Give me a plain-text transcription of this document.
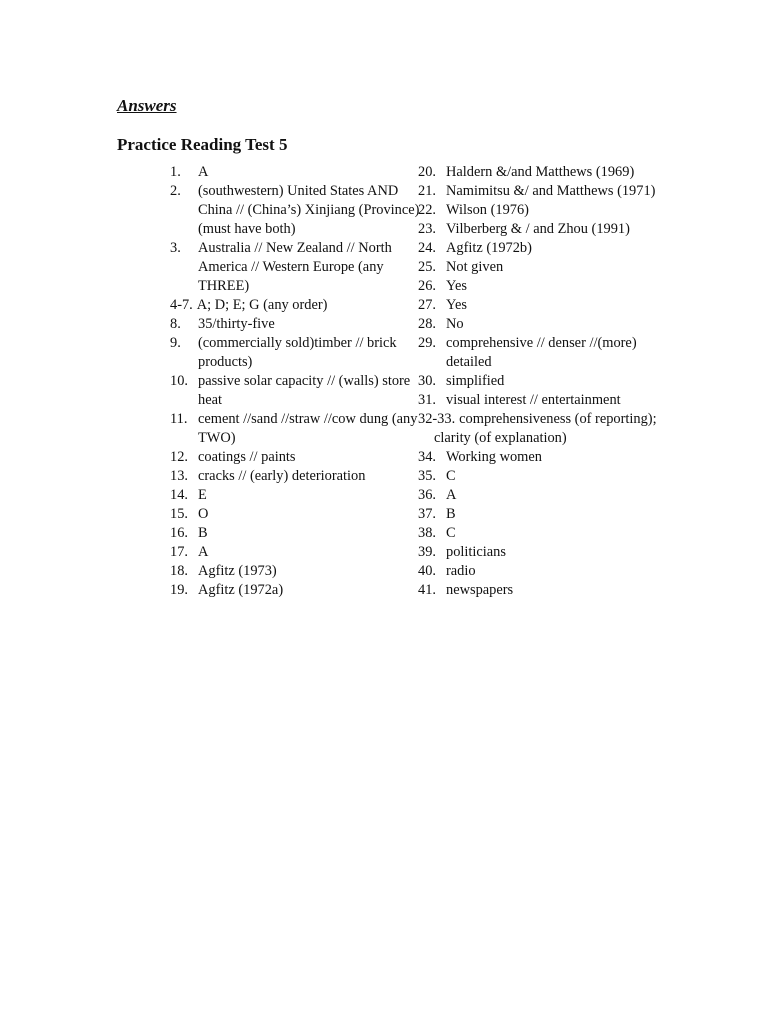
Answers
Practice Reading Test 5
1.	A
2.	(southwestern) United States AND China // (China’s) Xinjiang (Province) (must have both)
3.	Australia // New Zealand // North America // Western Europe (any THREE)
4-7. A; D; E; G (any order)
8.	35/thirty-five
9.	(commercially sold)timber // brick products)
10. passive solar capacity // (walls) store heat
11. cement //sand //straw //cow dung (any TWO)
12. coatings // paints
13. cracks // (early) deterioration
14. E
15. O
16. B
17. A
18. Agfitz (1973)
19. Agfitz (1972a)
20. Haldern &/and Matthews (1969)
21. Namimitsu &/ and Matthews (1971)
22. Wilson (1976)
23. Vilberberg & / and Zhou (1991)
24. Agfitz (1972b)
25. Not given
26. Yes
27. Yes
28. No
29. comprehensive // denser //(more) detailed
30. simplified
31. visual interest // entertainment
32-33. comprehensiveness (of reporting); clarity (of explanation)
34. Working women
35. C
36. A
37. B
38. C
39. politicians
40. radio
41. newspapers
